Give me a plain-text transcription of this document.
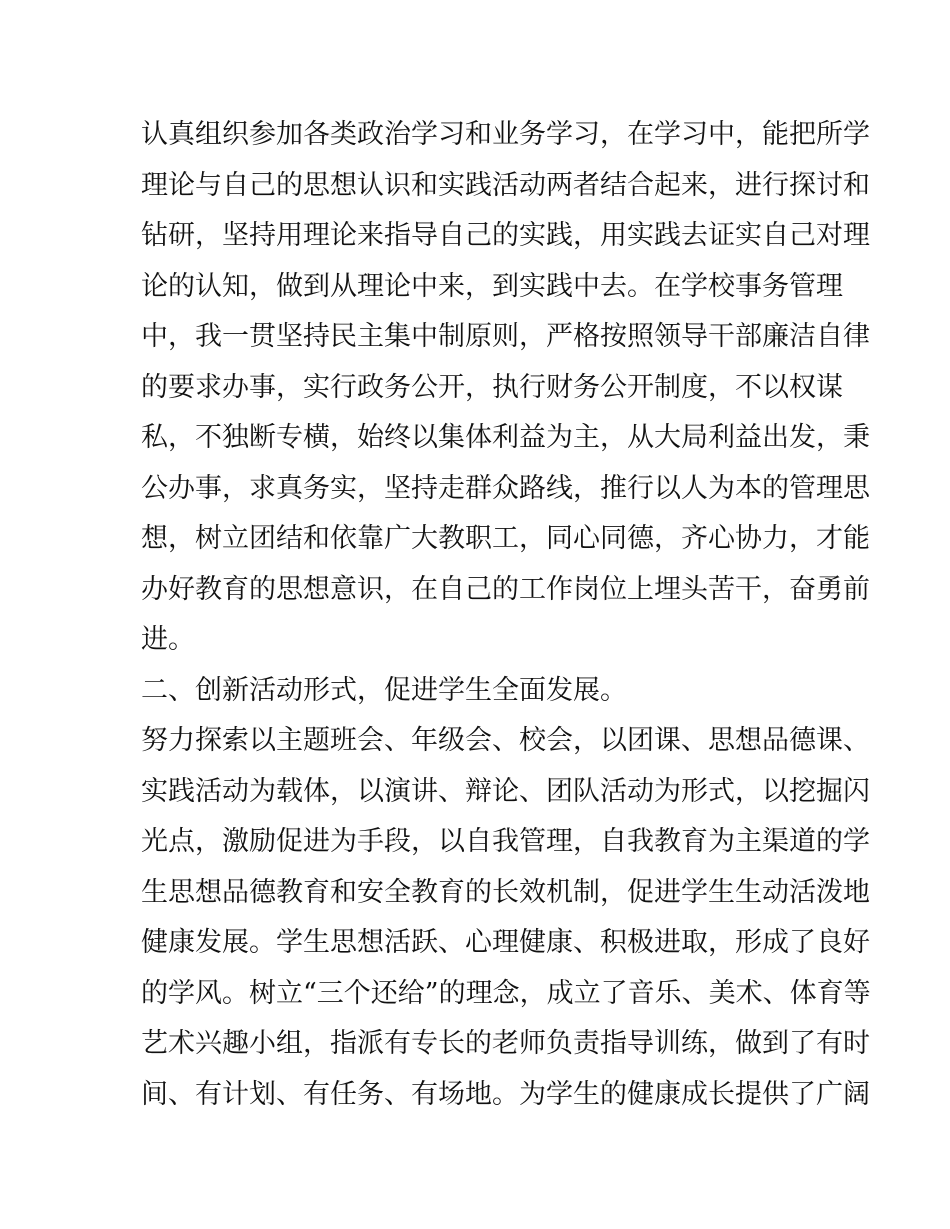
认真组织参加各类政治学习和业务学习，在学习中，能把所学
理论与自己的思想认识和实践活动两者结合起来，进行探讨和
钻研，坚持用理论来指导自己的实践，用实践去证实自己对理
论的认知，做到从理论中来，到实践中去。在学校事务管理
中，我一贯坚持民主集中制原则，严格按照领导干部廉洁自律
的要求办事，实行政务公开，执行财务公开制度，不以权谋
私，不独断专横，始终以集体利益为主，从大局利益出发，秉
公办事，求真务实，坚持走群众路线，推行以人为本的管理思
想，树立团结和依靠广大教职工，同心同德，齐心协力，才能
办好教育的思想意识，在自己的工作岗位上埋头苦干，奋勇前
进。
二、创新活动形式，促进学生全面发展。
努力探索以主题班会、年级会、校会，以团课、思想品德课、
实践活动为载体，以演讲、辩论、团队活动为形式，以挖掘闪
光点，激励促进为手段，以自我管理，自我教育为主渠道的学
生思想品德教育和安全教育的长效机制，促进学生生动活泼地
健康发展。学生思想活跃、心理健康、积极进取，形成了良好
的学风。树立“三个还给”的理念，成立了音乐、美术、体育等
艺术兴趣小组，指派有专长的老师负责指导训练，做到了有时
间、有计划、有任务、有场地。为学生的健康成长提供了广阔
